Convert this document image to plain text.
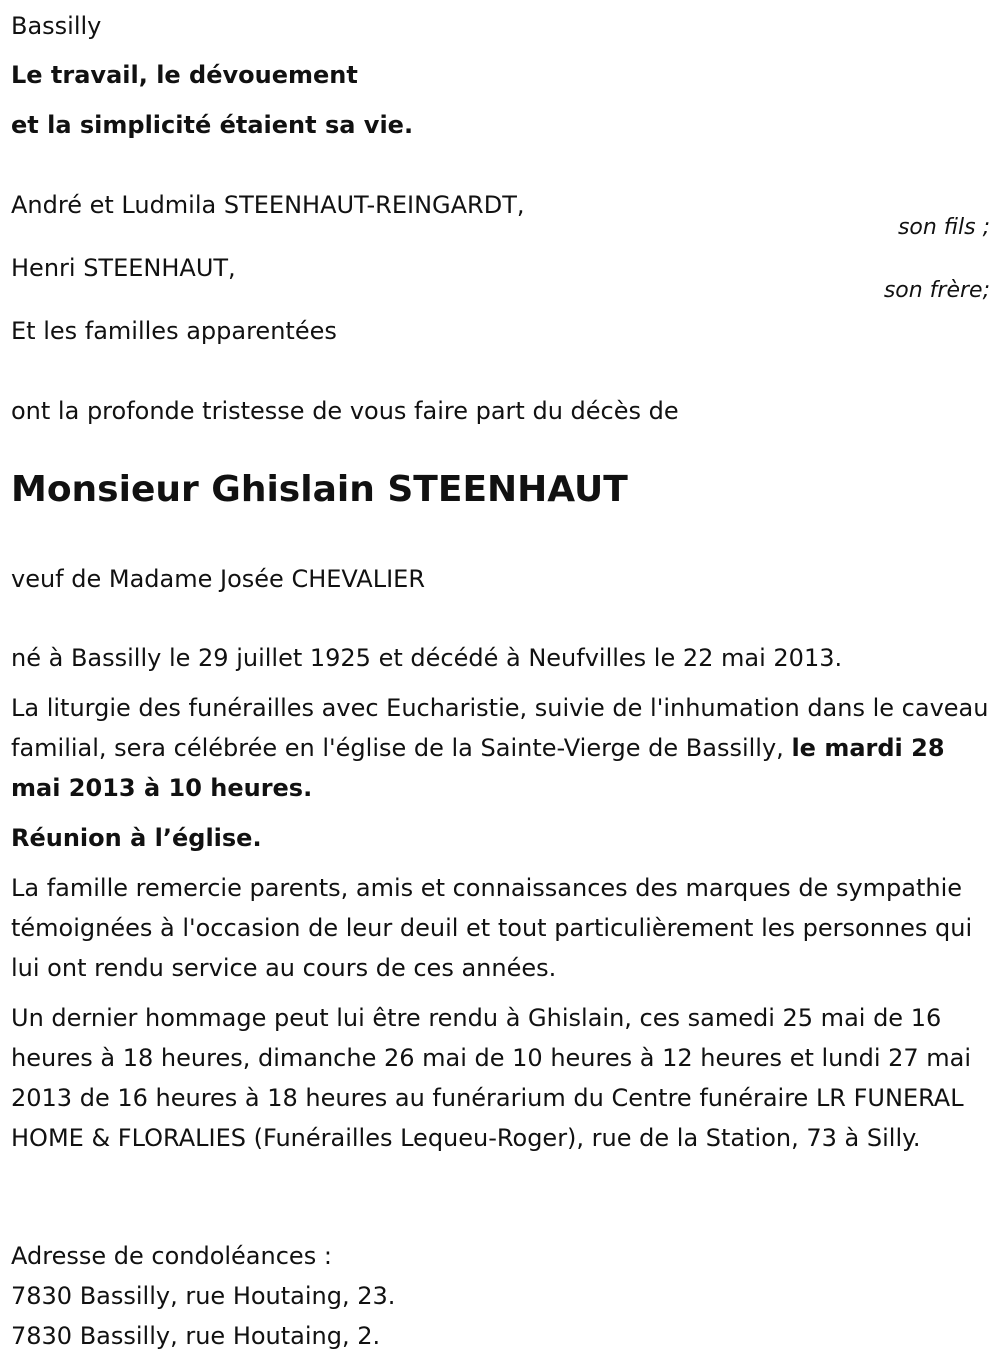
Bassilly
Le travail, le dévouement
et la simplicité étaient sa vie.
André et Ludmila STEENHAUT-REINGARDT,
son fils ;
Henri STEENHAUT,
son frère;
Et les familles apparentées
ont la profonde tristesse de vous faire part du décès de
Monsieur Ghislain STEENHAUT
veuf de Madame Josée CHEVALIER

né à Bassilly le 29 juillet 1925 et décédé à Neufvilles le 22 mai 2013.

La liturgie des funérailles avec Eucharistie, suivie de l'inhumation dans le caveau familial, sera célébrée en l'église de la Sainte-Vierge de Bassilly, le mardi 28 mai 2013 à 10 heures.

Réunion à l’église.

La famille remercie parents, amis et connaissances des marques de sympathie témoignées à l'occasion de leur deuil et tout particulièrement les personnes qui lui ont rendu service au cours de ces années.

Un dernier hommage peut lui être rendu à Ghislain, ces samedi 25 mai de 16 heures à 18 heures, dimanche 26 mai de 10 heures à 12 heures et lundi 27 mai 2013 de 16 heures à 18 heures au funérarium du Centre funéraire LR FUNERAL HOME & FLORALIES (Funérailles Lequeu-Roger), rue de la Station, 73 à Silly.

Adresse de condoléances :
7830 Bassilly, rue Houtaing, 23.
7830 Bassilly, rue Houtaing, 2.
